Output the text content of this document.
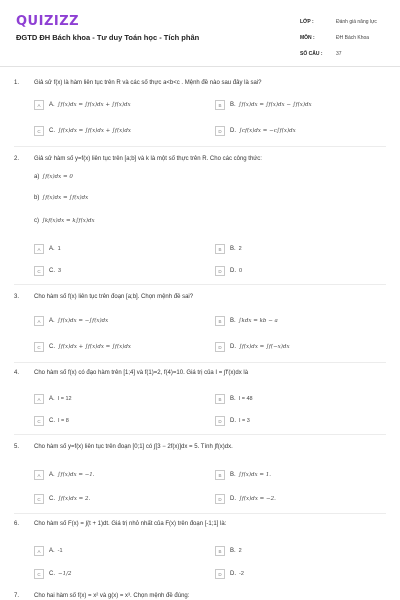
QUIZIZZ
ĐGTD ĐH Bách khoa - Tư duy Toán học - Tích phân
LỚP :	Đánh giá năng lực
MÔN :	ĐH Bách Khoa
SỐ CÂU :	37
1. Giả sử f(x) là hàm liên tục trên R và các số thực a<b<c . Mệnh đề nào sau đây là sai?
A	A. ∫f(x)dx = ∫f(x)dx + ∫f(x)dx	B	B. ∫f(x)dx = ∫f(x)dx − ∫f(x)dx
C	C. ∫f(x)dx = ∫f(x)dx + ∫f(x)dx	D	D. ∫cf(x)dx = −c∫f(x)dx
2. Giả sử hàm số y=f(x) liên tục trên [a;b] và k là một số thực trên R. Cho các công thức:
a) ∫f(x)dx = 0
b) ∫f(x)dx = ∫f(x)dx
c) ∫kf(x)dx = k∫f(x)dx
A	A. 1	B	B. 2
C	C. 3	D	D. 0
3. Cho hàm số f(x) liên tục trên đoạn [a;b]. Chọn mệnh đề sai?
A	A. ∫f(x)dx = −∫f(x)dx	B	B. ∫kdx = kb − a
C	C. ∫f(x)dx + ∫f(x)dx = ∫f(x)dx	D	D. ∫f(x)dx = ∫f(−x)dx
4. Cho hàm số f(x) có đạo hàm trên [1;4] và f(1)=2, f(4)=10. Giá trị của I = ∫f′(x)dx là
A	A. I = 12	B	B. I = 48
C	C. I = 8	D	D. I = 3
5. Cho hàm số y=f(x) liên tục trên đoạn [0;1] có ∫[3 − 2f(x)]dx = 5. Tính ∫f(x)dx.
A	A. ∫f(x)dx = −1.	B	B. ∫f(x)dx = 1.
C	C. ∫f(x)dx = 2.	D	D. ∫f(x)dx = −2.
6. Cho hàm số F(x) = ∫(t + 1)dt. Giá trị nhỏ nhất của F(x) trên đoạn [-1;1] là:
A	A. -1	B	B. 2
C	C. −1/2	D	D. -2
7. Cho hai hàm số f(x) = x² và g(x) = x³. Chọn mệnh đề đúng:
